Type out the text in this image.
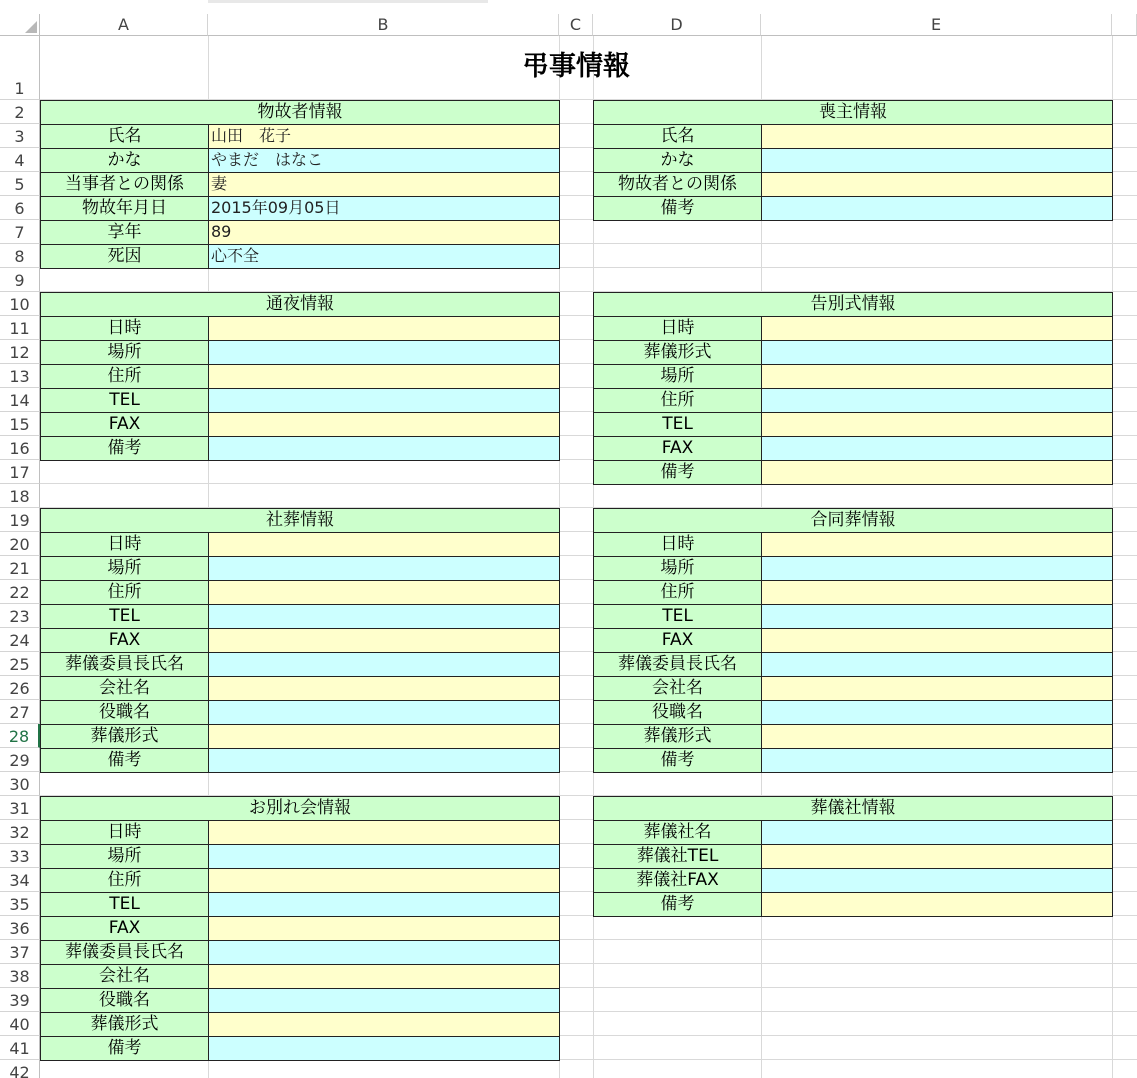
A	B	C	D	E
1
2
3
4
5
6
7
8
9
10
11
12
13
14
15
16
17
18
19
20
21
22
23
24
25
26
27
28
29
30
31
32
33
34
35
36
37
38
39
40
41
42
弔事情報
物故者情報
氏名	山田　花子
かな	やまだ　はなこ
当事者との関係	妻
物故年月日	2015年09月05日
享年	89
死因	心不全
喪主情報
氏名
かな
物故者との関係
備考
通夜情報
日時
場所
住所
TEL
FAX
備考
告別式情報
日時
葬儀形式
場所
住所
TEL
FAX
備考
社葬情報
日時
場所
住所
TEL
FAX
葬儀委員長氏名
会社名
役職名
葬儀形式
備考
合同葬情報
日時
場所
住所
TEL
FAX
葬儀委員長氏名
会社名
役職名
葬儀形式
備考
お別れ会情報
日時
場所
住所
TEL
FAX
葬儀委員長氏名
会社名
役職名
葬儀形式
備考
葬儀社情報
葬儀社名
葬儀社TEL
葬儀社FAX
備考
